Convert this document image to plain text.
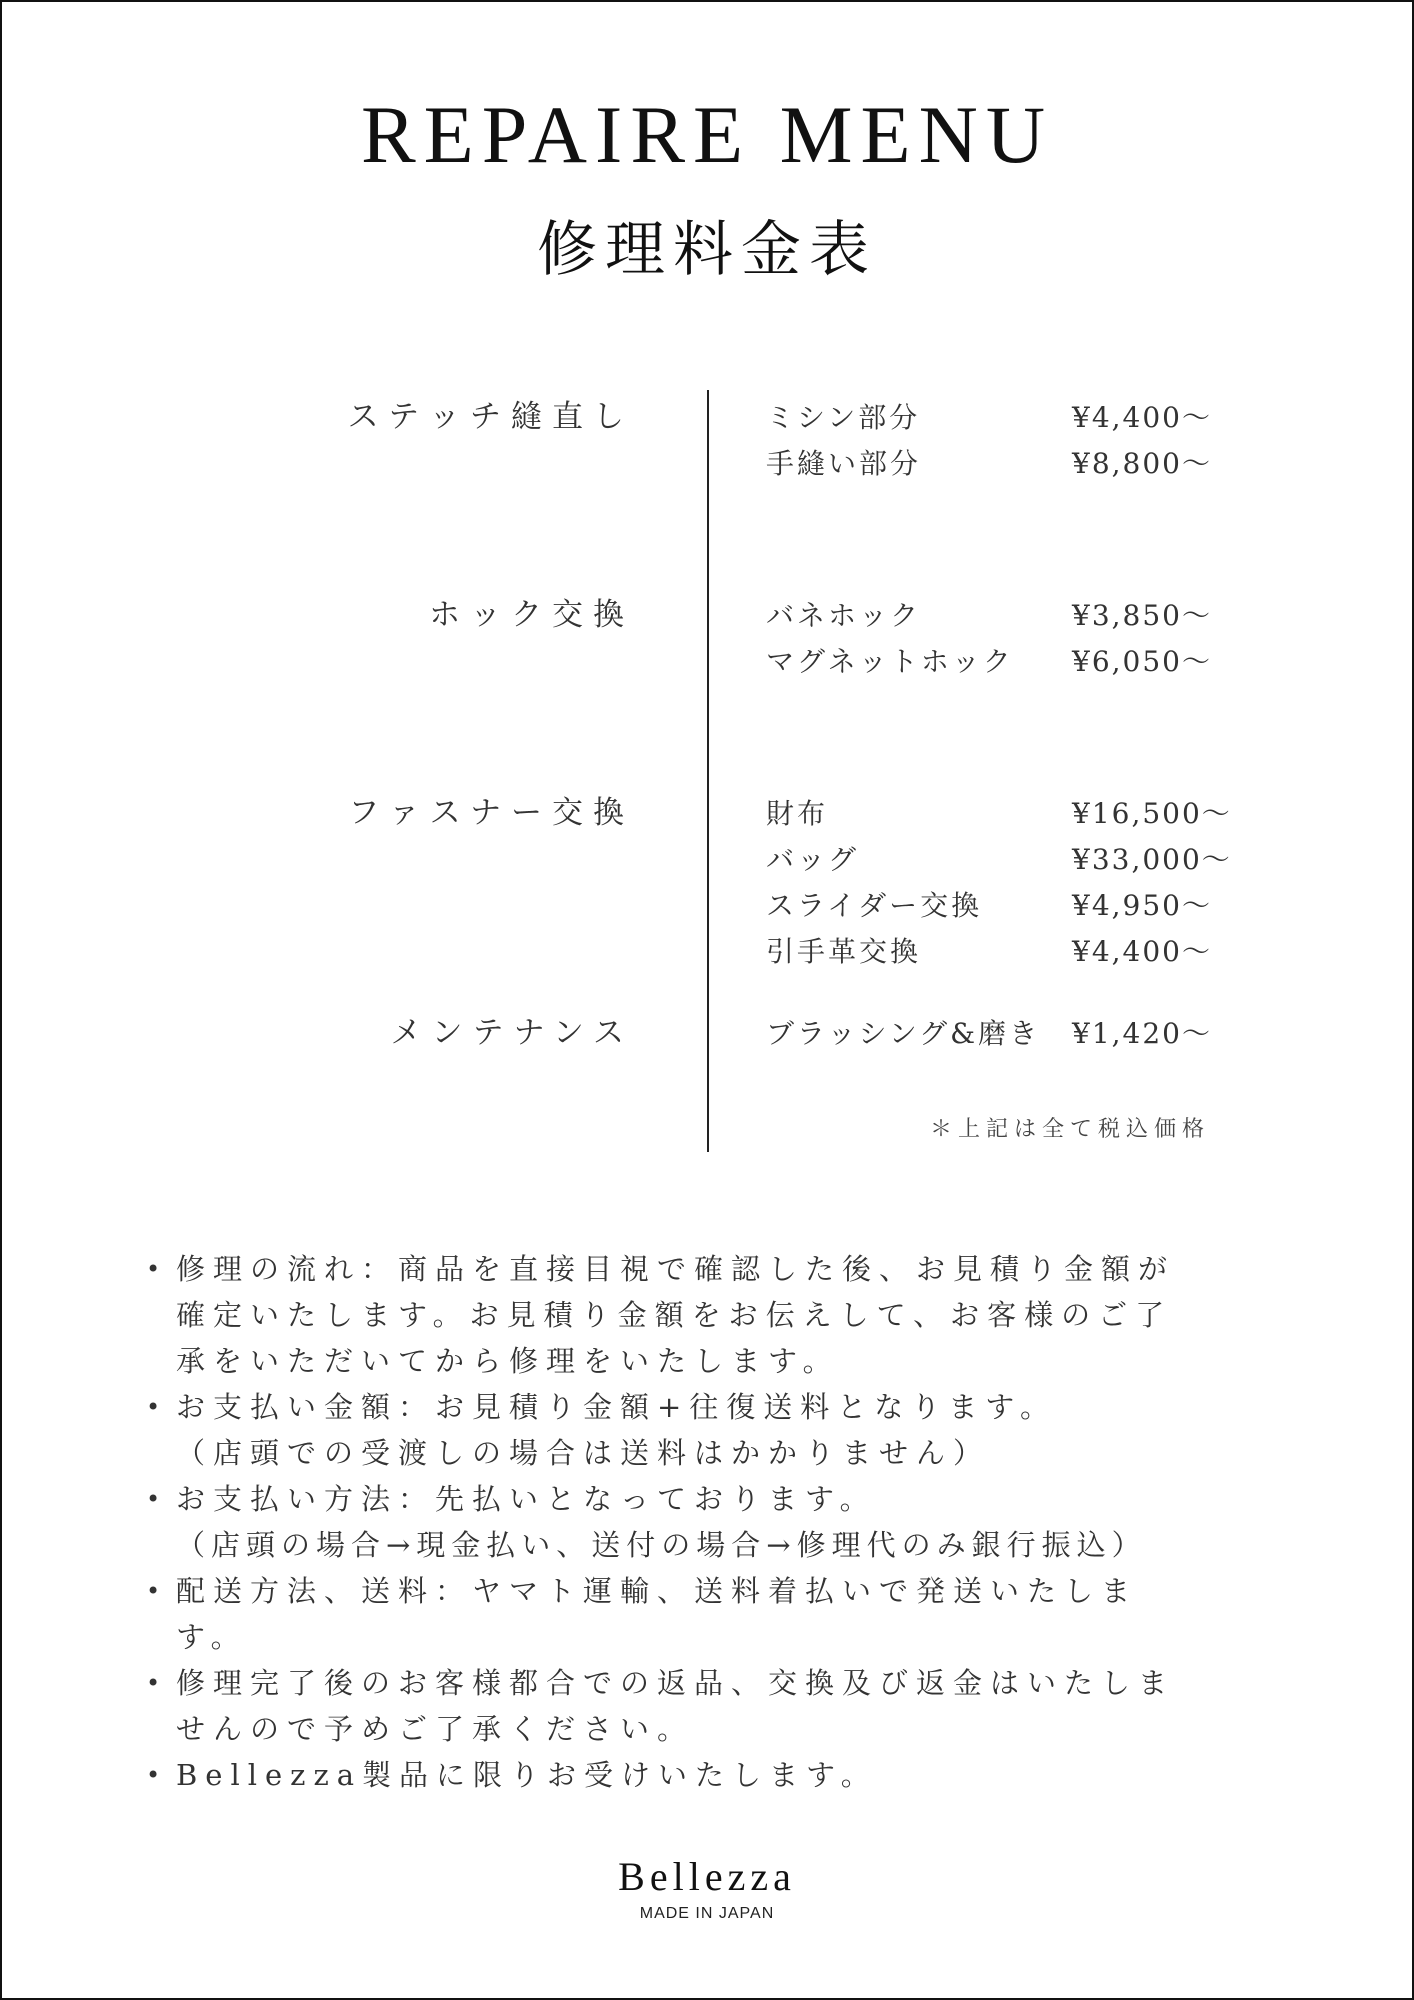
REPAIRE MENU
修理料金表
ステッチ縫直し	ミシン部分	¥4,400〜
手縫い部分	¥8,800〜
ホック交換	バネホック	¥3,850〜
マグネットホック ¥6,050〜
ファスナー交換	財布	¥16,500〜
バッグ	¥33,000〜
スライダー交換	¥4,950〜
引手革交換	¥4,400〜
メンテナンス	ブラッシング&磨き ¥1,420〜
＊上記は全て税込価格
• 修理の流れ：商品を直接目視で確認した後、お見積り金額が
確定いたします。お見積り金額をお伝えして、お客様のご了
承をいただいてから修理をいたします。
• お支払い金額：お見積り金額+往復送料となります。
（店頭での受渡しの場合は送料はかかりません）
• お支払い方法：先払いとなっております。
（店頭の場合→現金払い、送付の場合→修理代のみ銀行振込）
• 配送方法、送料：ヤマト運輸、送料着払いで発送いたしま
す。
• 修理完了後のお客様都合での返品、交換及び返金はいたしま
せんので予めご了承ください。
• Bellezza製品に限りお受けいたします。
Bellezza
MADE IN JAPAN
